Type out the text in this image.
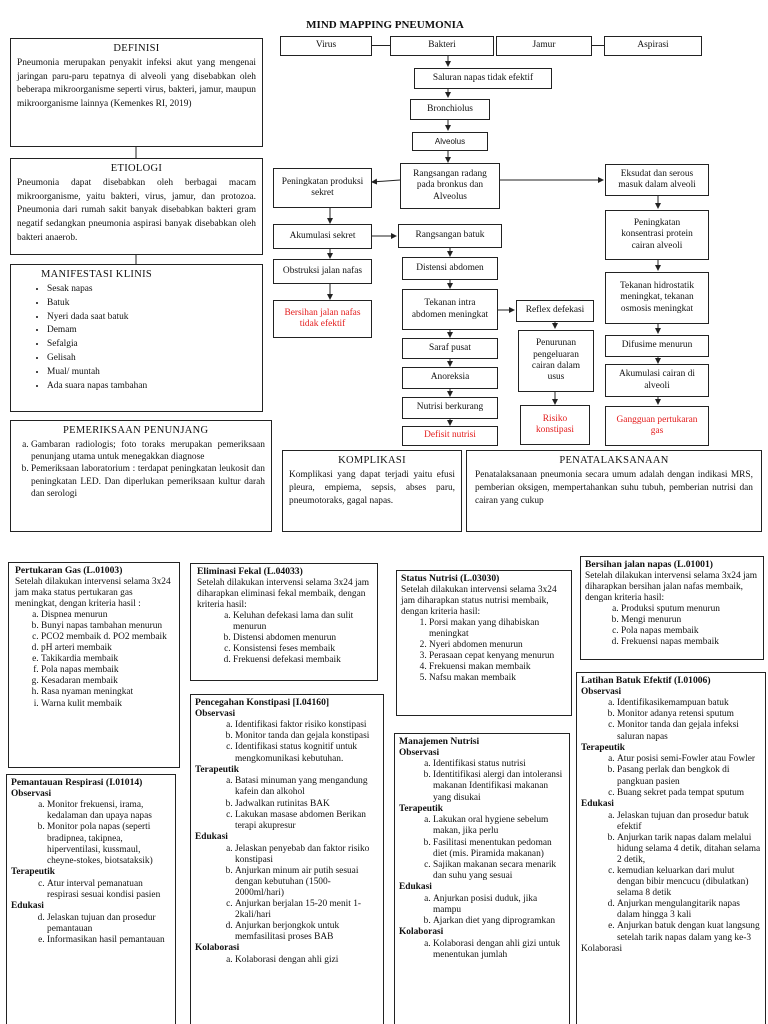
MIND MAPPING PNEUMONIA
Virus	Bakteri	Jamur	Aspirasi
Saluran napas tidak efektif
Bronchiolus
Alveolus
Rangsangan radang pada bronkus dan Alveolus
Peningkatan produksi sekret
Akumulasi sekret
Obstruksi jalan nafas
Bersihan jalan nafas tidak efektif
Rangsangan batuk
Distensi abdomen
Tekanan intra abdomen meningkat
Saraf pusat
Anoreksia
Nutrisi berkurang
Defisit nutrisi
Reflex defekasi
Penurunan pengeluaran cairan dalam usus
Risiko konstipasi
Eksudat dan serous masuk dalam alveoli
Peningkatan konsentrasi protein cairan alveoli
Tekanan hidrostatik meningkat, tekanan osmosis meningkat
Difusime menurun
Akumulasi cairan di alveoli
Gangguan pertukaran gas
DEFINISI
Pneumonia merupakan penyakit infeksi akut yang mengenai jaringan paru-paru tepatnya di alveoli yang disebabkan oleh beberapa mikroorganisme seperti virus, bakteri, jamur, maupun mikroorganisme lainnya (Kemenkes RI, 2019)
ETIOLOGI
Pneumonia dapat disebabkan oleh berbagai macam mikroorganisme, yaitu bakteri, virus, jamur, dan protozoa. Pneumonia dari rumah sakit banyak disebabkan bakteri gram negatif sedangkan pneumonia aspirasi banyak disebabkan oleh bakteri anaerob.
MANIFESTASI KLINIS
• Sesak napas
• Batuk
• Nyeri dada saat batuk
• Demam
• Sefalgia
• Gelisah
• Mual/ muntah
• Ada suara napas tambahan
PEMERIKSAAN PENUNJANG
a. Gambaran radiologis; foto toraks merupakan pemeriksaan penunjang utama untuk menegakkan diagnose
b. Pemeriksaan laboratorium : terdapat peningkatan leukosit dan peningkatan LED. Dan diperlukan pemeriksaan kultur darah dan serologi
KOMPLIKASI
Komplikasi yang dapat terjadi yaitu efusi pleura, empiema, sepsis, abses paru, pneumotoraks, gagal napas.
PENATALAKSANAAN
Penatalaksanaan pneumonia secara umum adalah dengan indikasi MRS, pemberian oksigen, mempertahankan suhu tubuh, pemberian nutrisi dan cairan yang cukup
Pertukaran Gas (L.01003)
Setelah dilakukan intervensi selama 3x24 jam maka status pertukaran gas meningkat, dengan kriteria hasil :
a. Dispnea menurun
b. Bunyi napas tambahan menurun
c. PCO2 membaik d. PO2 membaik
d. pH arteri membaik
e. Takikardia membaik
f. Pola napas membaik
g. Kesadaran membaik
h. Rasa nyaman meningkat
i. Warna kulit membaik
Pemantauan Respirasi (I.01014)
Observasi
a. Monitor frekuensi, irama, kedalaman dan upaya napas
b. Monitor pola napas (seperti bradipnea, takipnea, hiperventilasi, kussmaul, cheyne-stokes, biotsataksik)
Terapeutik
c. Atur interval pemanatuan respirasi sesuai kondisi pasien
Edukasi
d. Jelaskan tujuan dan prosedur pemantauan
e. Informasikan hasil pemantauan
Eliminasi Fekal (L.04033)
Setelah dilakukan intervensi selama 3x24 jam diharapkan eliminasi fekal membaik, dengan kriteria hasil:
a. Keluhan defekasi lama dan sulit menurun
b. Distensi abdomen menurun
c. Konsistensi feses membaik
d. Frekuensi defekasi membaik
Pencegahan Konstipasi [I.04160]
Observasi
a. Identifikasi faktor risiko konstipasi
b. Monitor tanda dan gejala konstipasi
c. Identifikasi status kognitif untuk mengkomunikasi kebutuhan.
Terapeutik
a. Batasi minuman yang mengandung kafein dan alkohol
b. Jadwalkan rutinitas BAK
c. Lakukan masase abdomen Berikan terapi akupresur
Edukasi
a. Jelaskan penyebab dan faktor risiko konstipasi
b. Anjurkan minum air putih sesuai dengan kebutuhan (1500-2000ml/hari)
c. Anjurkan berjalan 15-20 menit 1-2kali/hari
d. Anjurkan berjongkok untuk memfasilitasi proses BAB
Kolaborasi
a. Kolaborasi dengan ahli gizi
Status Nutrisi (L.03030)
Setelah dilakukan intervensi selama 3x24 jam diharapkan status nutrisi membaik, dengan kriteria hasil:
1. Porsi makan yang dihabiskan meningkat
2. Nyeri abdomen menurun
3. Perasaan cepat kenyang menurun
4. Frekuensi makan membaik
5. Nafsu makan membaik
Manajemen Nutrisi
Observasi
a. Identifikasi status nutrisi
b. Identitifikasi alergi dan intoleransi makanan Identifikasi makanan yang disukai
Terapeutik
a. Lakukan oral hygiene sebelum makan, jika perlu
b. Fasilitasi menentukan pedoman diet (mis. Piramida makanan)
c. Sajikan makanan secara menarik dan suhu yang sesuai
Edukasi
a. Anjurkan posisi duduk, jika mampu
b. Ajarkan diet yang diprogramkan
Kolaborasi
a. Kolaborasi dengan ahli gizi untuk menentukan jumlah
Bersihan jalan napas (L.01001)
Setelah dilakukan intervensi selama 3x24 jam diharapkan bersihan jalan nafas membaik, dengan kriteria hasil:
a. Produksi sputum menurun
b. Mengi menurun
c. Pola napas membaik
d. Frekuensi napas membaik
Latihan Batuk Efektif (I.01006)
Observasi
a. Identifikasikemampuan batuk
b. Monitor adanya retensi sputum
c. Monitor tanda dan gejala infeksi saluran napas
Terapeutik
a. Atur posisi semi-Fowler atau Fowler
b. Pasang perlak dan bengkok di pangkuan pasien
c. Buang sekret pada tempat sputum
Edukasi
a. Jelaskan tujuan dan prosedur batuk efektif
b. Anjurkan tarik napas dalam melalui hidung selama 4 detik, ditahan selama 2 detik,
c. kemudian keluarkan dari mulut dengan bibir mencucu (dibulatkan) selama 8 detik
d. Anjurkan mengulangitarik napas dalam hingga 3 kali
e. Anjurkan batuk dengan kuat langsung setelah tarik napas dalam yang ke-3
Kolaborasi
